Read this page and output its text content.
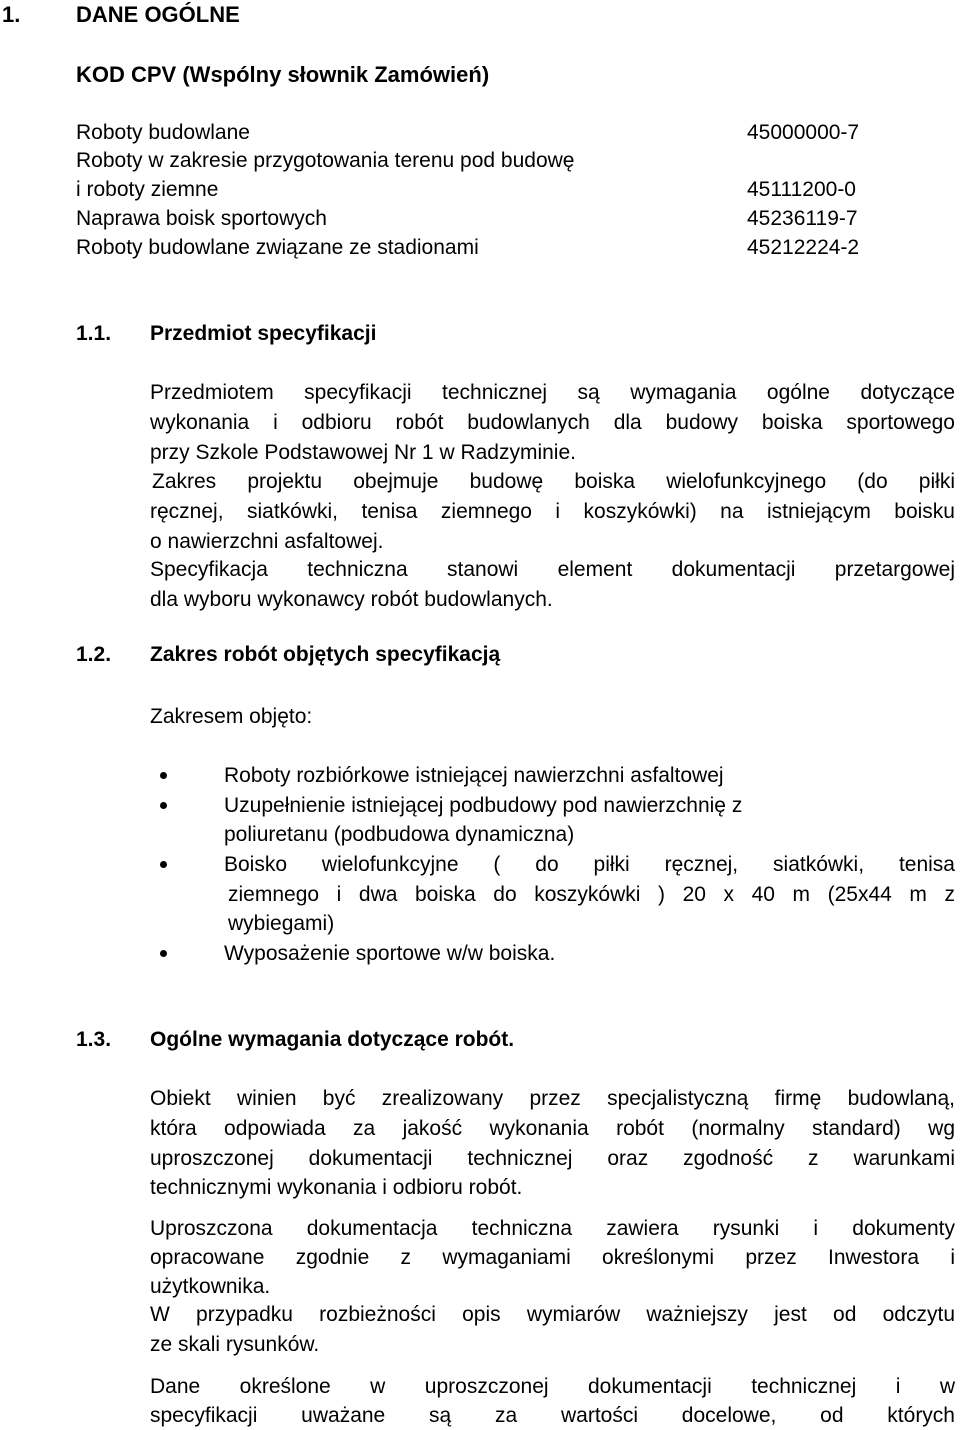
1.	DANE OGÓLNE
KOD CPV (Wspólny słownik Zamówień)
Roboty budowlane	45000000-7
Roboty w zakresie przygotowania terenu pod budowę
i roboty ziemne	45111200-0
Naprawa boisk sportowych	45236119-7
Roboty budowlane związane ze stadionami	45212224-2
1.1. Przedmiot specyfikacji
Przedmiotem specyfikacji technicznej są wymagania ogólne dotyczące
wykonania i odbioru robót budowlanych dla budowy boiska sportowego
przy Szkole Podstawowej Nr 1 w Radzyminie.
Zakres projektu obejmuje budowę boiska wielofunkcyjnego (do piłki
ręcznej, siatkówki, tenisa ziemnego i koszykówki) na istniejącym boisku
o nawierzchni asfaltowej.
Specyfikacja techniczna stanowi element dokumentacji przetargowej
dla wyboru wykonawcy robót budowlanych.
1.2. Zakres robót objętych specyfikacją
Zakresem objęto:
Roboty rozbiórkowe istniejącej nawierzchni asfaltowej
Uzupełnienie istniejącej podbudowy pod nawierzchnię z
poliuretanu (podbudowa dynamiczna)
Boisko wielofunkcyjne ( do piłki ręcznej, siatkówki, tenisa
ziemnego i dwa boiska do koszykówki ) 20 x 40 m (25x44 m z
wybiegami)
Wyposażenie sportowe w/w boiska.
1.3. Ogólne wymagania dotyczące robót.
Obiekt winien być zrealizowany przez specjalistyczną firmę budowlaną,
która odpowiada za jakość wykonania robót (normalny standard) wg
uproszczonej dokumentacji technicznej oraz zgodność z warunkami
technicznymi wykonania i odbioru robót.
Uproszczona dokumentacja techniczna zawiera rysunki i dokumenty
opracowane zgodnie z wymaganiami określonymi przez Inwestora i
użytkownika.
W przypadku rozbieżności opis wymiarów ważniejszy jest od odczytu
ze skali rysunków.
Dane określone w uproszczonej dokumentacji technicznej i w
specyfikacji uważane są za wartości docelowe, od których
